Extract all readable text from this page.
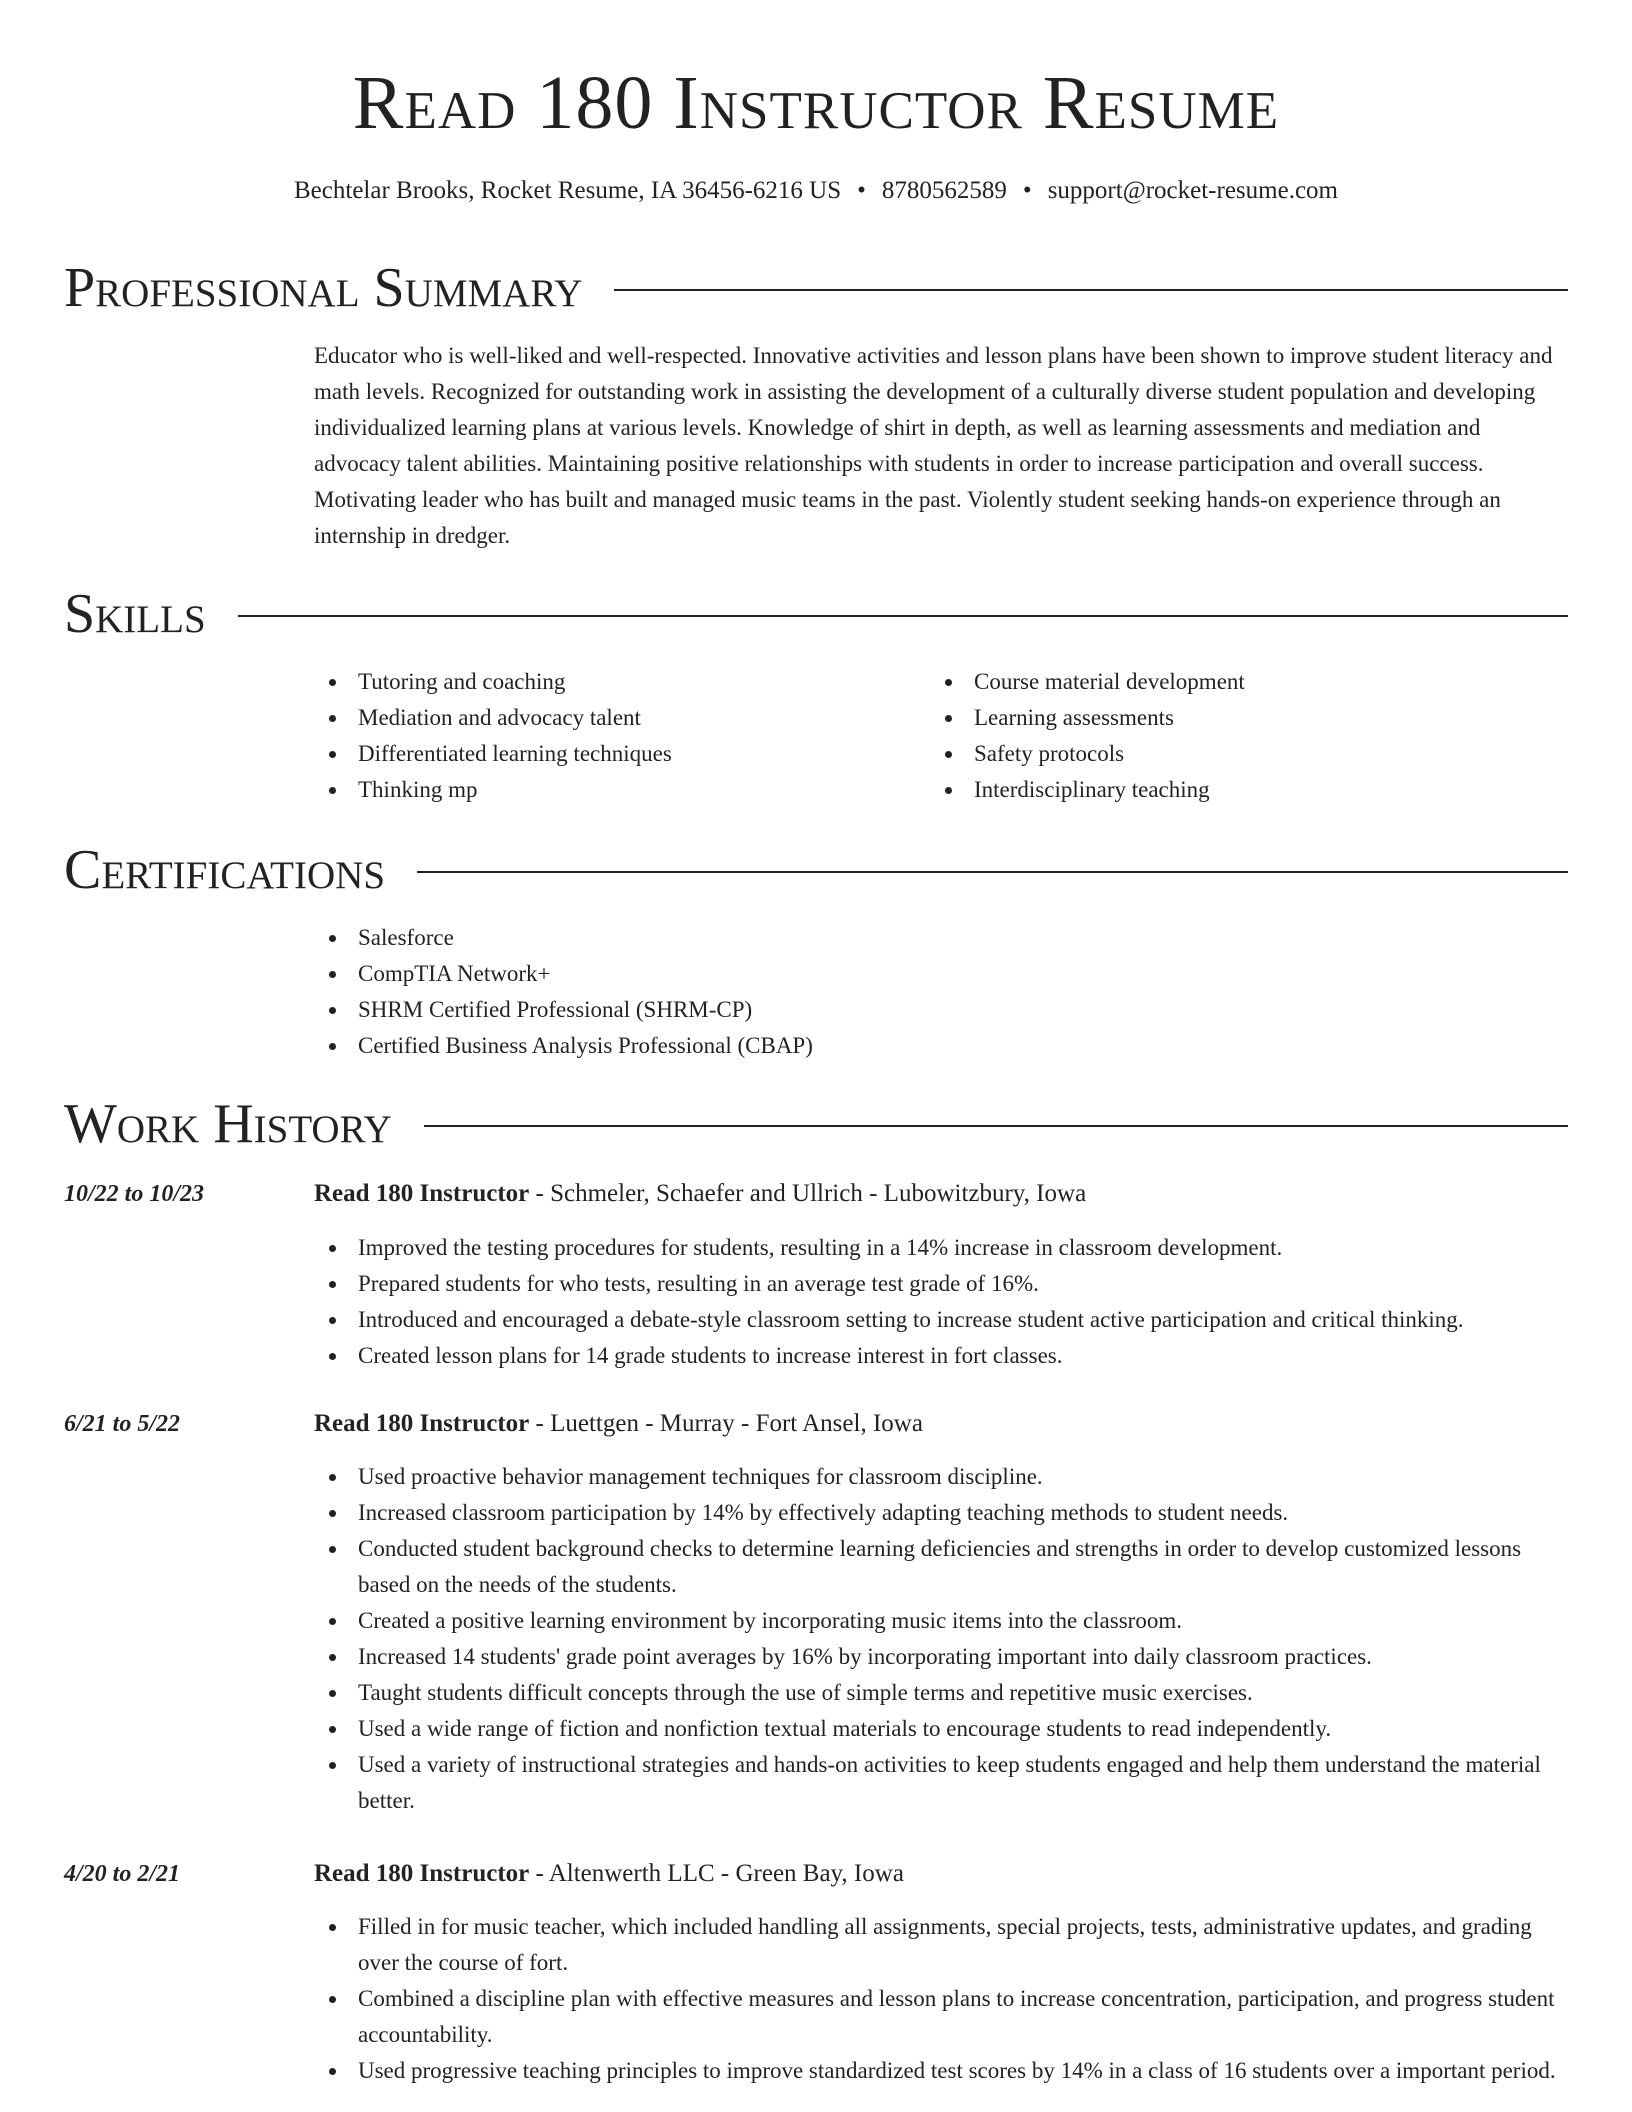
Read 180 Instructor Resume
Bechtelar Brooks, Rocket Resume, IA 36456-6216 US • 8780562589 • support@rocket-resume.com
Professional Summary

Educator who is well-liked and well-respected. Innovative activities and lesson plans have been shown to improve student literacy and math levels. Recognized for outstanding work in assisting the development of a culturally diverse student population and developing individualized learning plans at various levels. Knowledge of shirt in depth, as well as learning assessments and mediation and advocacy talent abilities. Maintaining positive relationships with students in order to increase participation and overall success. Motivating leader who has built and managed music teams in the past. Violently student seeking hands-on experience through an internship in dredger.

Skills
Tutoring and coaching
Mediation and advocacy talent
Differentiated learning techniques
Thinking mp
Course material development
Learning assessments
Safety protocols
Interdisciplinary teaching
Certifications
Salesforce
CompTIA Network+
SHRM Certified Professional (SHRM-CP)
Certified Business Analysis Professional (CBAP)
Work History
10/22 to 10/23	Read 180 Instructor - Schmeler, Schaefer and Ullrich - Lubowitzbury, Iowa
Improved the testing procedures for students, resulting in a 14% increase in classroom development.
Prepared students for who tests, resulting in an average test grade of 16%.
Introduced and encouraged a debate-style classroom setting to increase student active participation and critical thinking.
Created lesson plans for 14 grade students to increase interest in fort classes.
6/21 to 5/22	Read 180 Instructor - Luettgen - Murray - Fort Ansel, Iowa
Used proactive behavior management techniques for classroom discipline.
Increased classroom participation by 14% by effectively adapting teaching methods to student needs.
Conducted student background checks to determine learning deficiencies and strengths in order to develop customized lessons based on the needs of the students.
Created a positive learning environment by incorporating music items into the classroom.
Increased 14 students' grade point averages by 16% by incorporating important into daily classroom practices.
Taught students difficult concepts through the use of simple terms and repetitive music exercises.
Used a wide range of fiction and nonfiction textual materials to encourage students to read independently.
Used a variety of instructional strategies and hands-on activities to keep students engaged and help them understand the material better.
4/20 to 2/21	Read 180 Instructor - Altenwerth LLC - Green Bay, Iowa
Filled in for music teacher, which included handling all assignments, special projects, tests, administrative updates, and grading over the course of fort.
Combined a discipline plan with effective measures and lesson plans to increase concentration, participation, and progress student accountability.
Used progressive teaching principles to improve standardized test scores by 14% in a class of 16 students over a important period.
